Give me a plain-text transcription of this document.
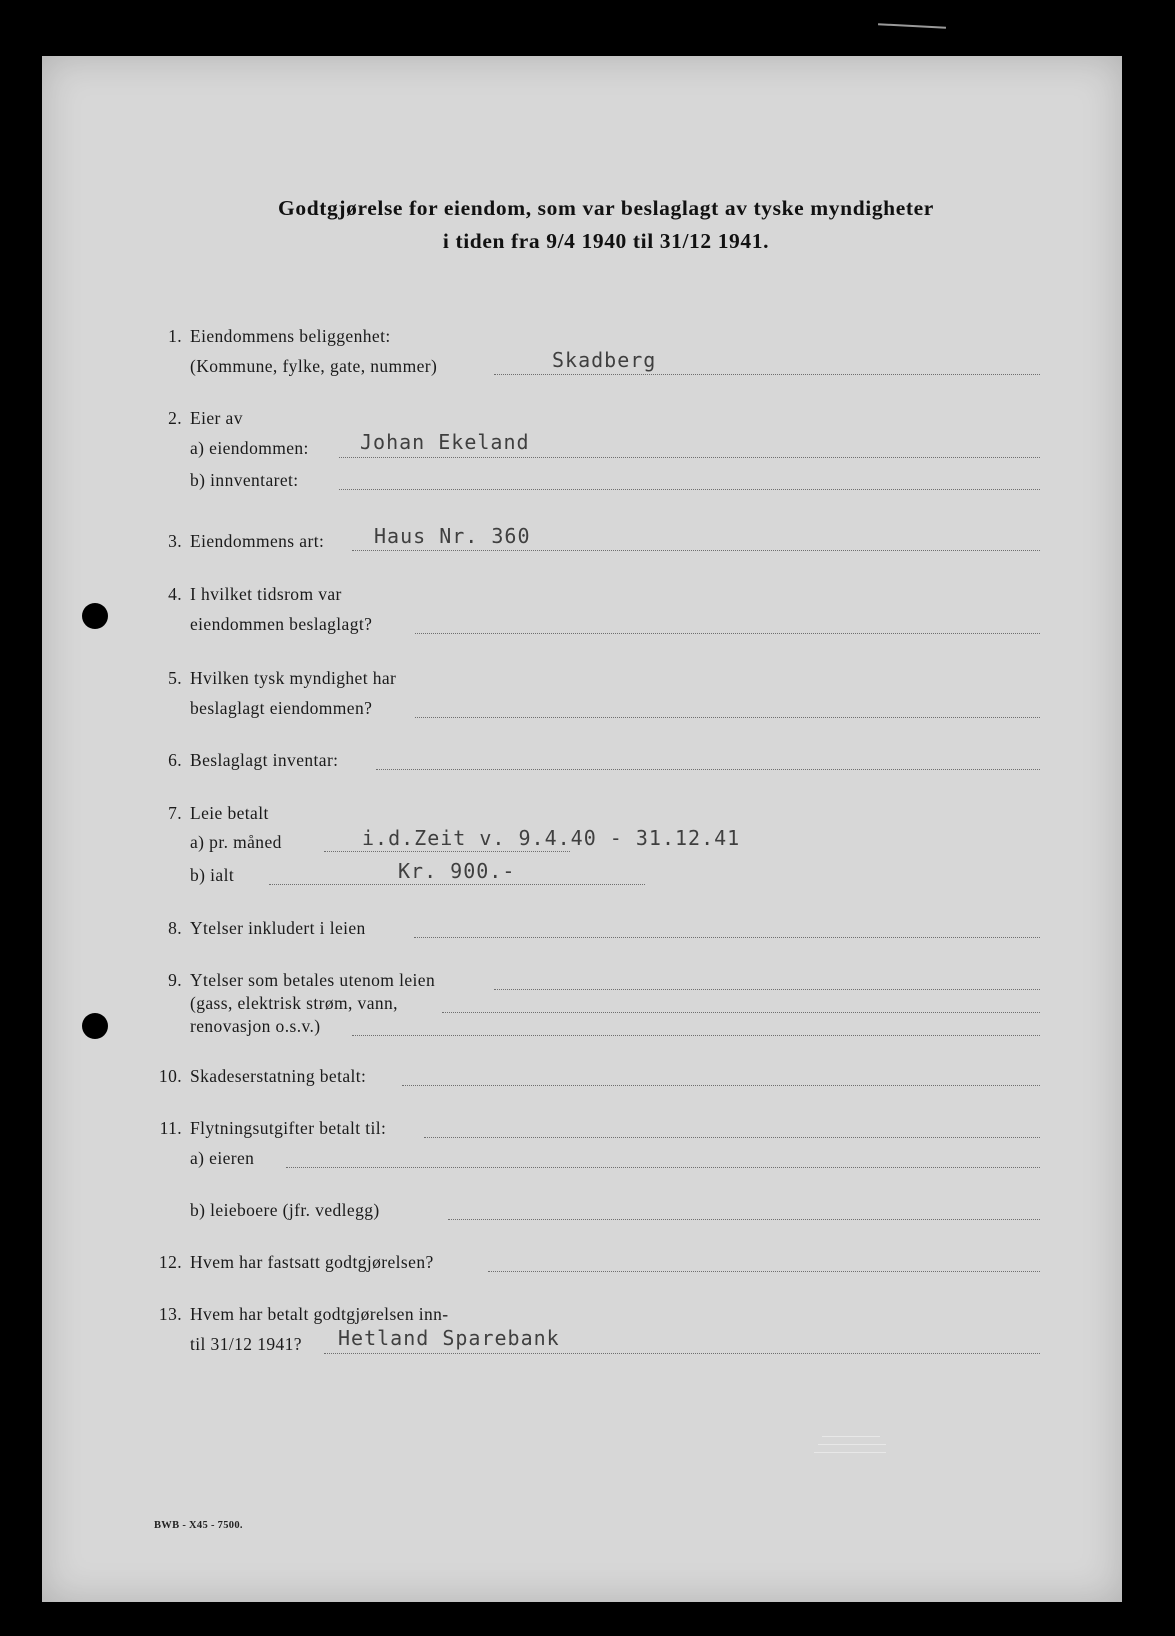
Godtgjørelse for eiendom, som var beslaglagt av tyske myndigheter
i tiden fra 9/4 1940 til 31/12 1941.
1. Eiendommens beliggenhet:
(Kommune, fylke, gate, nummer)	Skadberg
2. Eier av
a) eiendommen:	Johan Ekeland
b) innventaret:
3. Eiendommens art: Haus Nr. 360
4. I hvilket tidsrom var
eiendommen beslaglagt?
5. Hvilken tysk myndighet har
beslaglagt eiendommen?
6. Beslaglagt inventar:
7. Leie betalt
a) pr. måned	i.d.Zeit v. 9.4.40 - 31.12.41
b) ialt	Kr. 900.-
8. Ytelser inkludert i leien
9. Ytelser som betales utenom leien
(gass, elektrisk strøm, vann,
renovasjon o.s.v.)
10. Skadeserstatning betalt:
11. Flytningsutgifter betalt til:
a) eieren
b) leieboere (jfr. vedlegg)
12. Hvem har fastsatt godtgjørelsen?
13. Hvem har betalt godtgjørelsen inn-
til 31/12 1941? Hetland Sparebank
BWB - X45 - 7500.
